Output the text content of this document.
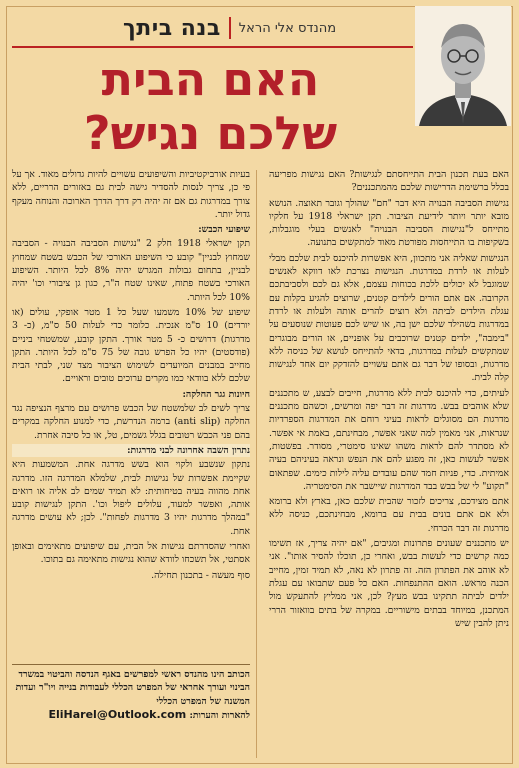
בנה ביתך מהנדס אלי הראל
האם הבית
שלכם נגיש?

האם בעת תכנון הבית התייחסתם לנגישות? האם נגישות מפריעה בכלל ברשימת הדרישות שלכם מהמתכננים?

נגישות הסביבה הבנויה היא דבר "חם" שהולך וגובר תאוצה. הנושא מובא יותר ויותר לידיעת הציבור. תקן ישראלי 1918 על חלקיו מתייחס ל"נגישות הסביבה הבנויה" לאנשים בעלי מוגבלות, בשקיפות בו התייחסות מפורטת מאוד למתקשים בתנועה.

הנגישות שאליה אני מתכוון, היא אפשרות להיכנס לבית שלכם מבלי לעלות או לרדת במדרגות. הנגישות נצרכת לאו דווקא לאנשים שמוגבל לא יכולים ללכת בכוחות עצמם, אלא גם לכם ולסביבתכם הקרובה. אם אתם הורים לילדים קטנים, שרוצים להגיע בקלות עם עגלת הילדים לביתה ולא רוצים להרים אותה ולעלות או לרדת במדרגות בשהילד שלכם ישן בה, או שיש לכם פעוטות שנוסעים על "בימבה", ילדים קטנים שרוכבים על אופניים, או הורים מבוגרים שמתקשים לעלות במדרגות, בדאי להתייחס לנושא של כניסה ללא מדרגות, ובסופו של דבר גם אתם עשויים להזדקק יום אחד לנגישות קלה לבית.

לעיתים, כדי להיכנס לבית ללא מדרגות, חייבים לבצע, ש מתכננים שלא אוהבים בבש. מדרגות זה דבר יפה ומרשים, וכשהם מתכננים מדרגות הם מסוגלים לראות בעיני רוחם את המדרגות הספרדיות שנראות, אני מאמין למה שאני אפשר, מבחינתם, באמת אי אפשר. לא מסתדר להם לראות משהו שאינו סימטרי, מסודר. בפשטות, אפשר לעשות כאן, זה מפגע להם את הנפש ונראה בעיניהם בעיה אמיתית. כדי, פניות חמד שהם עובדים עליה לילות כימים. שפתאום "תקוע" לי של בבש בבד המדרגות שיישבר את הסימטריה.

אתם מצידכם, צריכים לזכור שהבית שלכם כאן, בארץ ולא ברומא ולא אם אתם בונים בבית עם ברומא, מבחינתכם, כניסה ללא מדרגות זה דבר הכרחי.

יש מתכננים שעונים פתרונות ומגיבים, "אם יהיה צריך, אז תשימו כמה קרשים כדי לעשות בבש, ואחרי כן, תוכלו להסיר אותו". אני לא אוהב את הפתרון הזה. זה פתרון לא נאה, לא תמיד זמין, מחייב הכנה מראש. הואם ההתנפחות. האם כל פעם שתבואו עם עגלת ילדים לביתה תתקינו בבש מעץ? לכן, אני ממליץ להתעקש מול המתכנן, במיוחד בבתים מישוריים. במקרה של בתים בוואזור הררי ניתן להבין שיש

בעיות אורביקטיביות והשיפועים עשויים להיות גדולים מאוד. אך על פי כן, צריך לנסות להסדיר גישה לבית גם באזורים הרריים, ללא צורך במדרגות גם אם זה יהיה רק דרך הדרך הארוכה והנוחה מעקף גדול יותר.

שיפועי הכבש:

תקן ישראלי 1918 חלק 2 "נגישות הסביבה הבנויה - הסביבה שמחוץ לבניין" קובע כי השיפוע האורכי של הכבש בשטח שמחוץ לבניין, בתחום גבולות המגרש יהיה 8% לכל היותר. השיפוע האורכי בשטח פתוח, שאינו שטח ה"ר, כגון גן ציבורי וכו' יהיה 10% לכל היותר.

שיפוע של 10% משמעו שעל כל 1 מטר אופקי, עולים (או יורדים) 10 ס"מ אנכית. כלומר כדי לעלות 50 ס"מ, (כ- 3 מדרגות) דרושים כ- 5 מטר אורך. התקן קובע, שמשטחי ביניים (פודסטים) יהיו כל הפרש גובה של 75 ס"מ לכל היותר. התקן מחייב במבנים המיועדים לשימוש הציבור מצד שני, לבתי הבית שלכם ללא בוודאי כמו מקרים ערוכים טובים וראויים.

חיונות גגר החלקה:

צריך לשים לב שלמשטח של הכבש פרושים עם מרצף הנציפה נגד החלקה (anti slip) ברמה הנדרשת, כדי למנוע החלקה במקרים בהם פני הכבש רטובים בגלל גשמים, טל, או כל סיבה אחרת.

נתרון השבה אחרונה לבני מדרגות:

נתקון שנשבע ולקוי הוא בשש מדרגה אחת. המשמעות היא שקיימת אפשרות של נגישות לבית, שלמלא המדרגה הזו. מדרגה אחת מהווה בעיה בטיחותית: לא תמיד שמים לב אליה או רואים אותה, ואפשר למעוד, עלולים ליפול וכו'. התקן לנגישות קובע "במהלך מדרגות יהיו 3 מדרגות לפחות". לכן; לא עושים מדרגה אחת.

ואחרי שהסדרתם נגישות אל הבית, עם שיפועים מתאימים ובאופן אסתטי, אל תשכחו לוודא שהוא נגישות מתאימה גם בתוכו.

סוף מעשה - בתכנון תחילה.

הכותב הינו מהנדס ראשי למפרשים באגף הנדסה והביטוי במשרד הבינוי ועורך אחראי של המפרט הכללי לעבודות בנייה ויו"ר ועדות המשנה של המפרט הכללי
להארות והערות: EliHarel@Outlook.com
